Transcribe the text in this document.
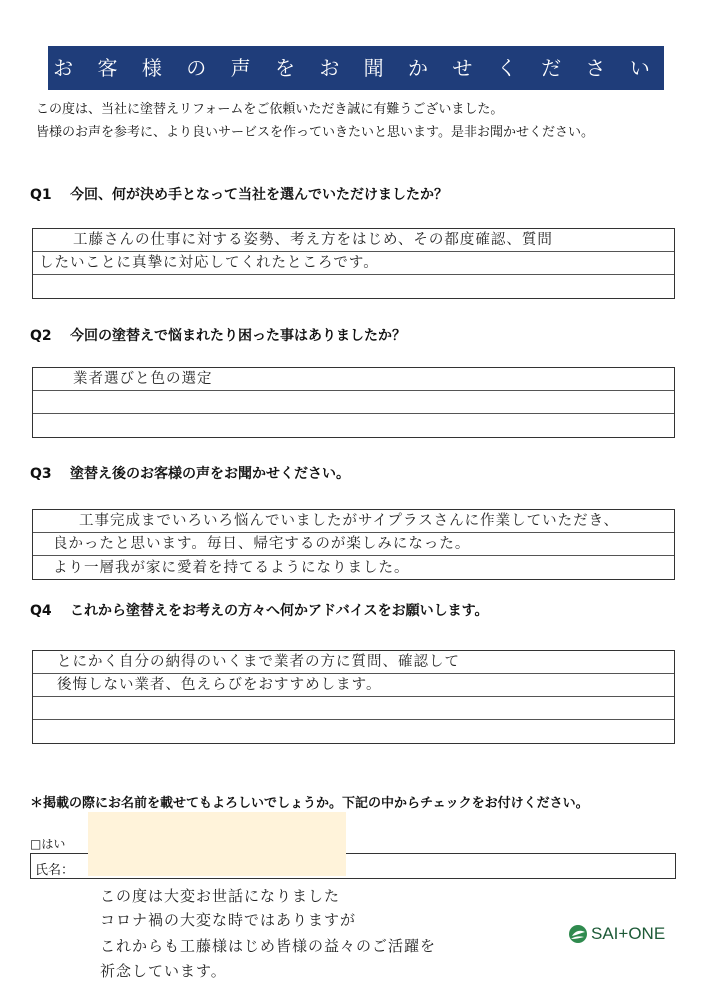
お 客 様 の 声 を お 聞 か せ く だ さ い
この度は、当社に塗替えリフォームをご依頼いただき誠に有難うございました。
皆様のお声を参考に、より良いサービスを作っていきたいと思います。是非お聞かせください。
Q1 今回、何が決め手となって当社を選んでいただけましたか？
工藤さんの仕事に対する姿勢、考え方をはじめ、その都度確認、質問
したいことに真摯に対応してくれたところです。
Q2 今回の塗替えで悩まれたり困った事はありましたか？
業者選びと色の選定
Q3 塗替え後のお客様の声をお聞かせください。
工事完成までいろいろ悩んでいましたがサイプラスさんに作業していただき、
良かったと思います。毎日、帰宅するのが楽しみになった。
より一層我が家に愛着を持てるようになりました。
Q4 これから塗替えをお考えの方々へ何かアドバイスをお願いします。
とにかく自分の納得のいくまで業者の方に質問、確認して
後悔しない業者、色えらびをおすすめします。
＊掲載の際にお名前を載せてもよろしいでしょうか。下記の中からチェックをお付けください。
□はい
氏名：
この度は大変お世話になりました
コロナ禍の大変な時ではありますが
これからも工藤様はじめ皆様の益々のご活躍を
祈念しています。
SAI+ONE
